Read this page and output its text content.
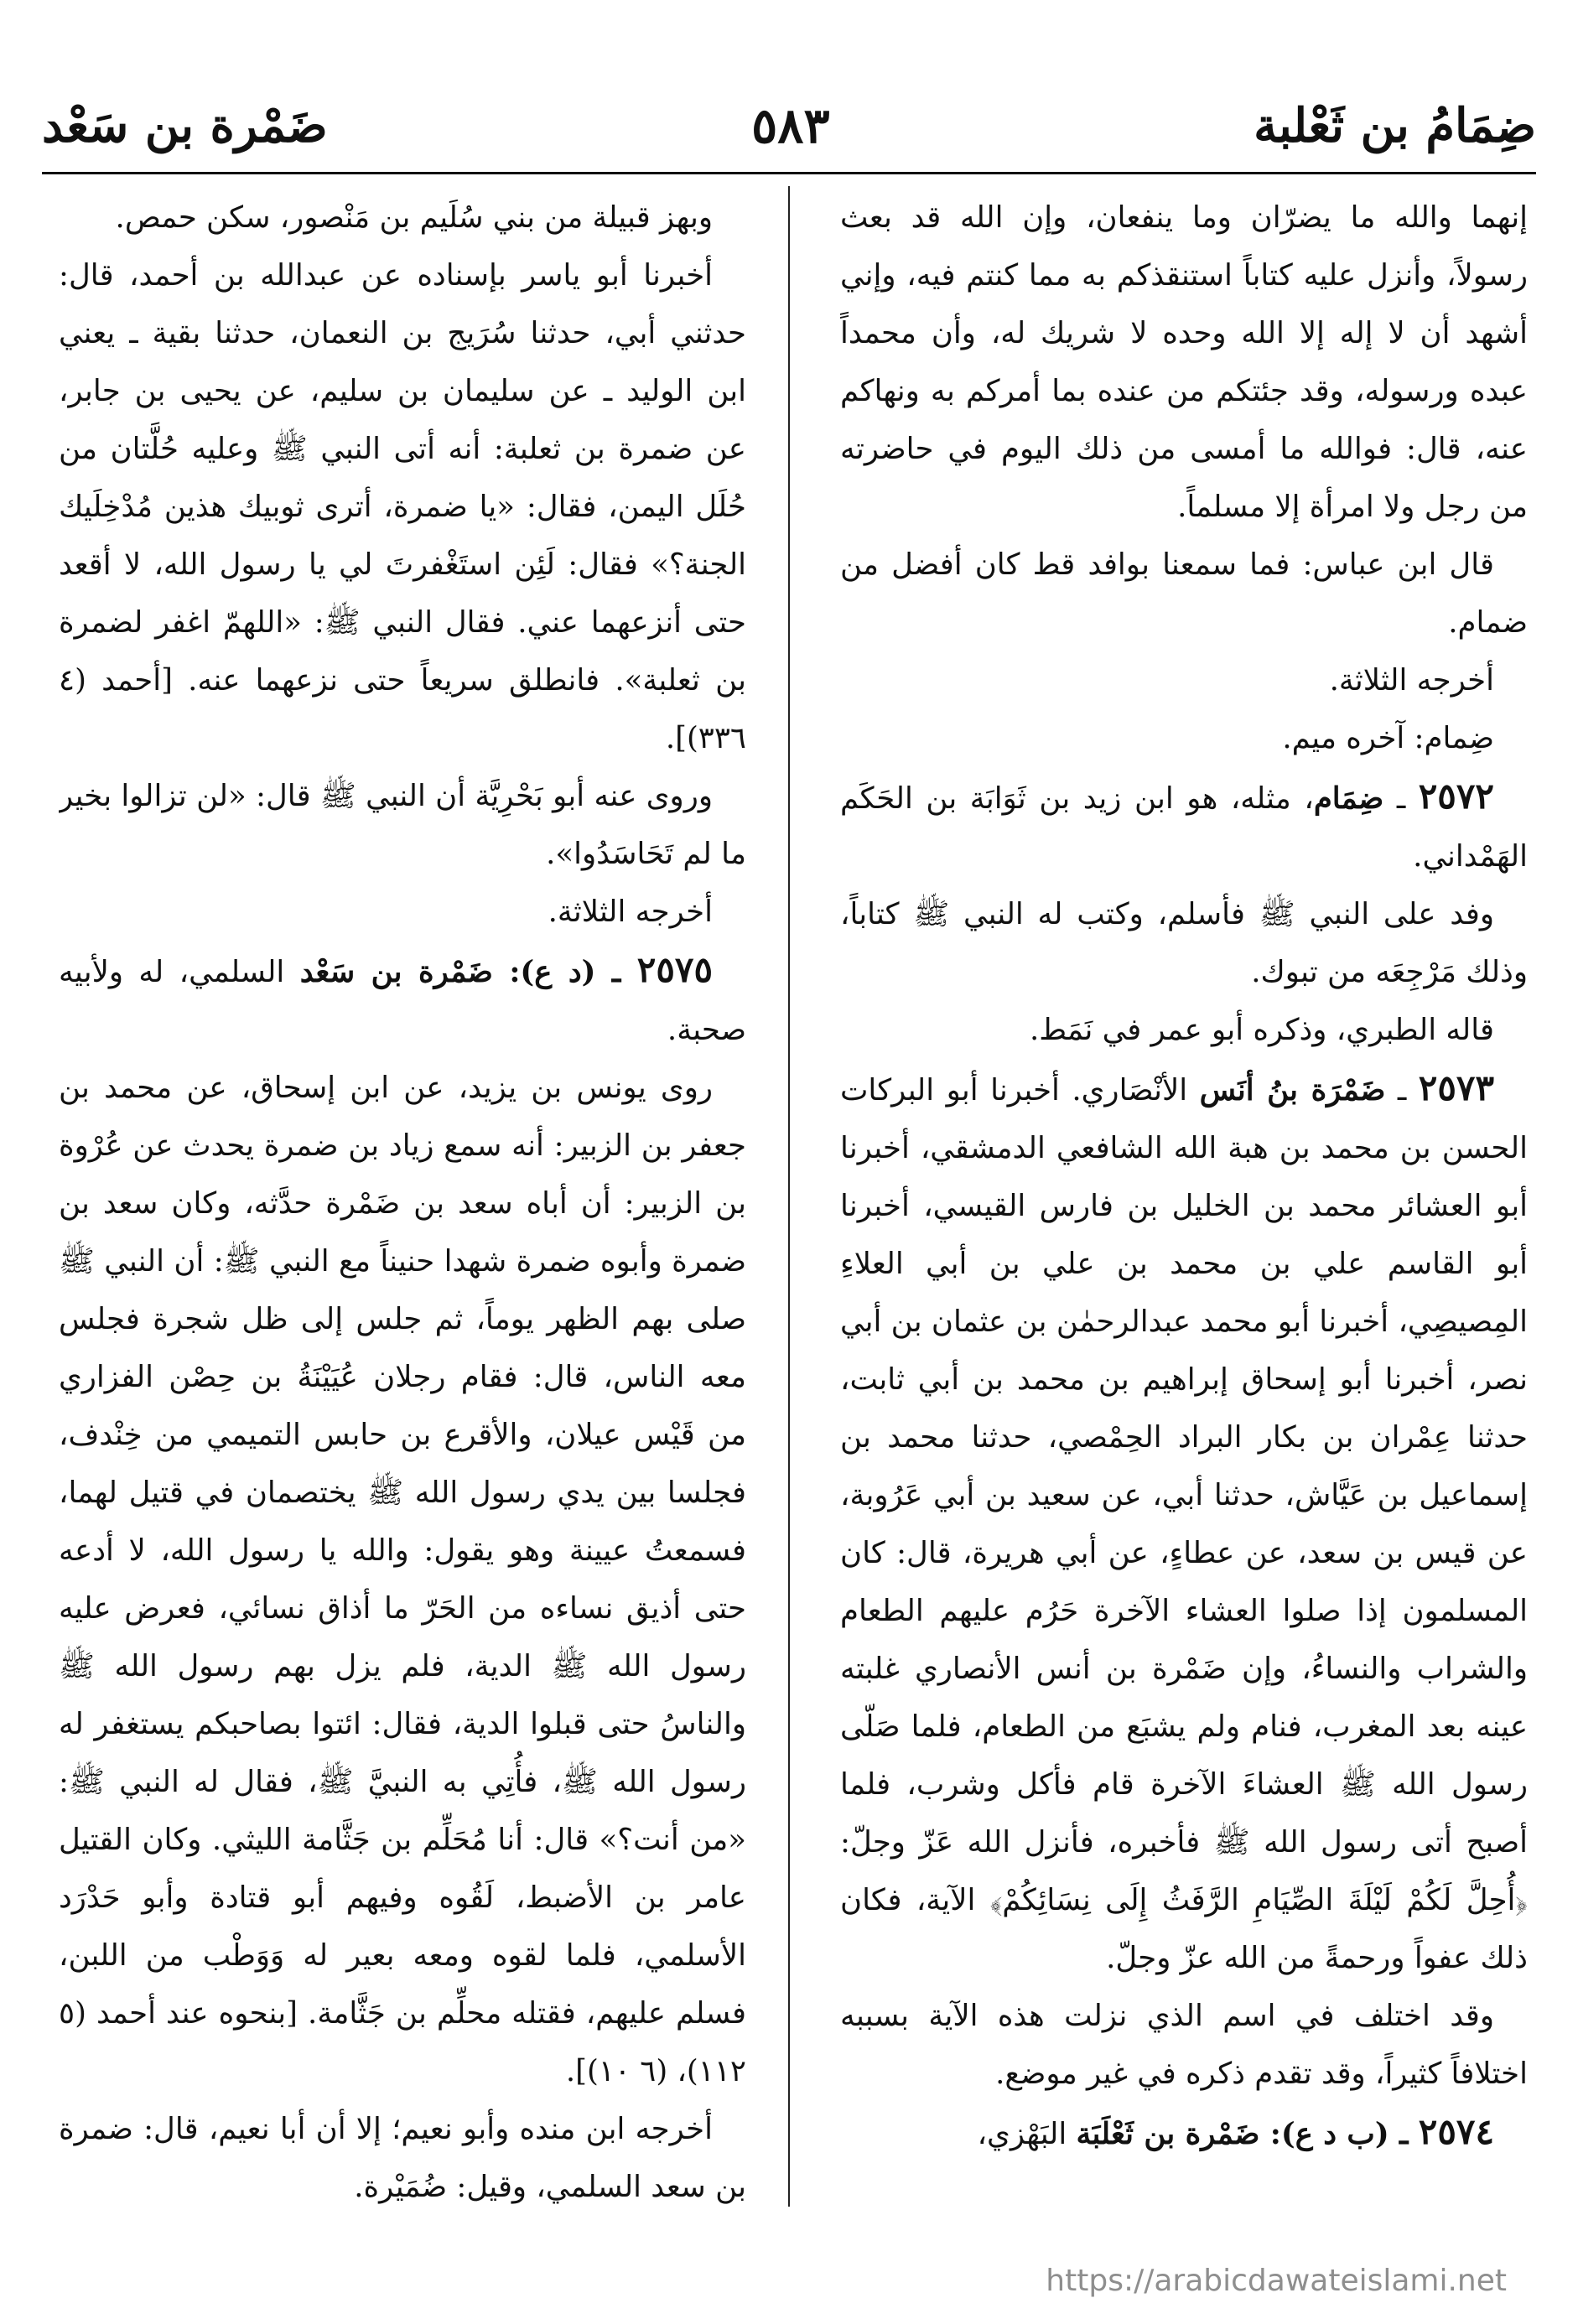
ضِمَامُ بن ثَعْلبة
٥٨٣
ضَمْرة بن سَعْد

إنهما والله ما يضرّان وما ينفعان، وإن الله قد بعث رسولاً، وأنزل عليه كتاباً استنقذكم به مما كنتم فيه، وإني أشهد أن لا إله إلا الله وحده لا شريك له، وأن محمداً عبده ورسوله، وقد جئتكم من عنده بما أمركم به ونهاكم عنه، قال: فوالله ما أمسى من ذلك اليوم في حاضرته من رجل ولا امرأة إلا مسلماً.

قال ابن عباس: فما سمعنا بوافد قط كان أفضل من ضمام.

أخرجه الثلاثة.

ضِمام: آخره ميم.

٢٥٧٢ ـ ضِمَام، مثله، هو ابن زيد بن ثَوَابَة بن الحَكَم الهَمْداني.

وفد على النبي ﷺ فأسلم، وكتب له النبي ﷺ كتاباً، وذلك مَرْجِعَه من تبوك.

قاله الطبري، وذكره أبو عمر في نَمَط.

٢٥٧٣ ـ ضَمْرَة بنُ أنَس الأنْصَاري. أخبرنا أبو البركات الحسن بن محمد بن هبة الله الشافعي الدمشقي، أخبرنا أبو العشائر محمد بن الخليل بن فارس القيسي، أخبرنا أبو القاسم علي بن محمد بن علي بن أبي العلاءِ المِصيصِي، أخبرنا أبو محمد عبدالرحمٰن بن عثمان بن أبي نصر، أخبرنا أبو إسحاق إبراهيم بن محمد بن أبي ثابت، حدثنا عِمْران بن بكار البراد الحِمْصي، حدثنا محمد بن إسماعيل بن عَيَّاش، حدثنا أبي، عن سعيد بن أبي عَرُوبة، عن قيس بن سعد، عن عطاءٍ، عن أبي هريرة، قال: كان المسلمون إذا صلوا العشاء الآخرة حَرُم عليهم الطعام والشراب والنساءُ، وإن ضَمْرة بن أنس الأنصاري غلبته عينه بعد المغرب، فنام ولم يشبَع من الطعام، فلما صَلّى رسول الله ﷺ العشاءَ الآخرة قام فأكل وشرب، فلما أصبح أتى رسول الله ﷺ فأخبره، فأنزل الله عَزّ وجلّ: ﴿أُحِلَّ لَكُمْ لَيْلَةَ الصِّيَامِ الرَّفَثُ إِلَى نِسَائِكُمْ﴾ الآية، فكان ذلك عفواً ورحمةً من الله عزّ وجلّ.

وقد اختلف في اسم الذي نزلت هذه الآية بسببه اختلافاً كثيراً، وقد تقدم ذكره في غير موضع.

٢٥٧٤ ـ (ب د ع): ضَمْرة بن ثَعْلَبَة البَهْزي،

وبهز قبيلة من بني سُلَيم بن مَنْصور، سكن حمص.

أخبرنا أبو ياسر بإسناده عن عبدالله بن أحمد، قال: حدثني أبي، حدثنا سُرَيج بن النعمان، حدثنا بقية ـ يعني ابن الوليد ـ عن سليمان بن سليم، عن يحيى بن جابر، عن ضمرة بن ثعلبة: أنه أتى النبي ﷺ وعليه حُلَّتان من حُلَل اليمن، فقال: «يا ضمرة، أترى ثوبيك هذين مُدْخِلَيك الجنة؟» فقال: لَئِن استَغْفرتَ لي يا رسول الله، لا أقعد حتى أنزعهما عني. فقال النبي ﷺ: «اللهمّ اغفر لضمرة بن ثعلبة». فانطلق سريعاً حتى نزعهما عنه. [أحمد (٤ ٣٣٦)].

وروى عنه أبو بَحْرِيَّة أن النبي ﷺ قال: «لن تزالوا بخير ما لم تَحَاسَدُوا».

أخرجه الثلاثة.

٢٥٧٥ ـ (د ع): ضَمْرة بن سَعْد السلمي، له ولأبيه صحبة.

روى يونس بن يزيد، عن ابن إسحاق، عن محمد بن جعفر بن الزبير: أنه سمع زياد بن ضمرة يحدث عن عُرْوة بن الزبير: أن أباه سعد بن ضَمْرة حدَّثه، وكان سعد بن ضمرة وأبوه ضمرة شهدا حنيناً مع النبي ﷺ: أن النبي ﷺ صلى بهم الظهر يوماً، ثم جلس إلى ظل شجرة فجلس معه الناس، قال: فقام رجلان عُيَيْنَةُ بن حِصْن الفزاري من قَيْس عيلان، والأقرع بن حابس التميمي من خِنْدف، فجلسا بين يدي رسول الله ﷺ يختصمان في قتيل لهما، فسمعتُ عيينة وهو يقول: والله يا رسول الله، لا أدعه حتى أذيق نساءه من الحَرّ ما أذاق نسائي، فعرض عليه رسول الله ﷺ الدية، فلم يزل بهم رسول الله ﷺ والناسُ حتى قبلوا الدية، فقال: ائتوا بصاحبكم يستغفر له رسول الله ﷺ، فأُتِي به النبيَّ ﷺ، فقال له النبي ﷺ: «من أنت؟» قال: أنا مُحَلِّم بن جَثَّامة الليثي. وكان القتيل عامر بن الأضبط، لَقُوه وفيهم أبو قتادة وأبو حَدْرَد الأسلمي، فلما لقوه ومعه بعير له وَوَطْب من اللبن، فسلم عليهم، فقتله محلِّم بن جَثَّامة. [بنحوه عند أحمد (٥ ١١٢)، (٦ ١٠)].

أخرجه ابن منده وأبو نعيم؛ إلا أن أبا نعيم، قال: ضمرة بن سعد السلمي، وقيل: ضُمَيْرة.

https://arabicdawateislami.net
